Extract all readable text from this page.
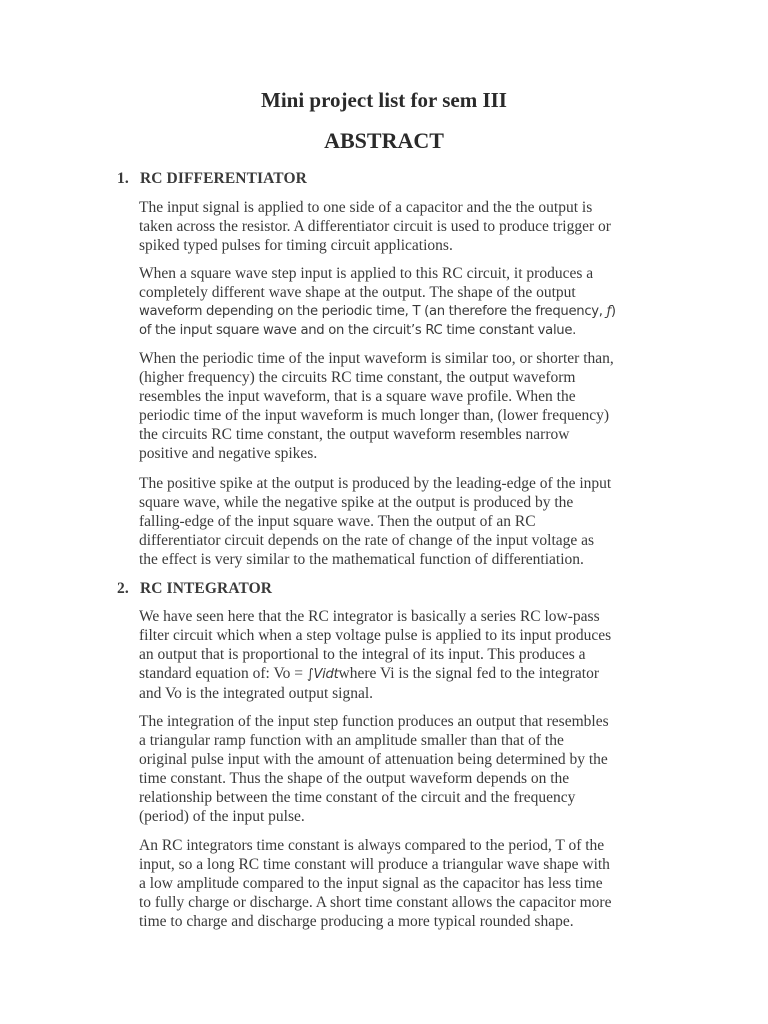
Mini project list for sem III
ABSTRACT
1. RC DIFFERENTIATOR
The input signal is applied to one side of a capacitor and the the output is
taken across the resistor. A differentiator circuit is used to produce trigger or
spiked typed pulses for timing circuit applications.
When a square wave step input is applied to this RC circuit, it produces a
completely different wave shape at the output. The shape of the output
waveform depending on the periodic time, T (an therefore the frequency, ƒ)
of the input square wave and on the circuit’s RC time constant value.
When the periodic time of the input waveform is similar too, or shorter than,
(higher frequency) the circuits RC time constant, the output waveform
resembles the input waveform, that is a square wave profile. When the
periodic time of the input waveform is much longer than, (lower frequency)
the circuits RC time constant, the output waveform resembles narrow
positive and negative spikes.
The positive spike at the output is produced by the leading-edge of the input
square wave, while the negative spike at the output is produced by the
falling-edge of the input square wave. Then the output of an RC
differentiator circuit depends on the rate of change of the input voltage as
the effect is very similar to the mathematical function of differentiation.
2. RC INTEGRATOR
We have seen here that the RC integrator is basically a series RC low-pass
filter circuit which when a step voltage pulse is applied to its input produces
an output that is proportional to the integral of its input. This produces a
standard equation of: Vo = ∫Vidtwhere Vi is the signal fed to the integrator
and Vo is the integrated output signal.
The integration of the input step function produces an output that resembles
a triangular ramp function with an amplitude smaller than that of the
original pulse input with the amount of attenuation being determined by the
time constant. Thus the shape of the output waveform depends on the
relationship between the time constant of the circuit and the frequency
(period) of the input pulse.
An RC integrators time constant is always compared to the period, T of the
input, so a long RC time constant will produce a triangular wave shape with
a low amplitude compared to the input signal as the capacitor has less time
to fully charge or discharge. A short time constant allows the capacitor more
time to charge and discharge producing a more typical rounded shape.
